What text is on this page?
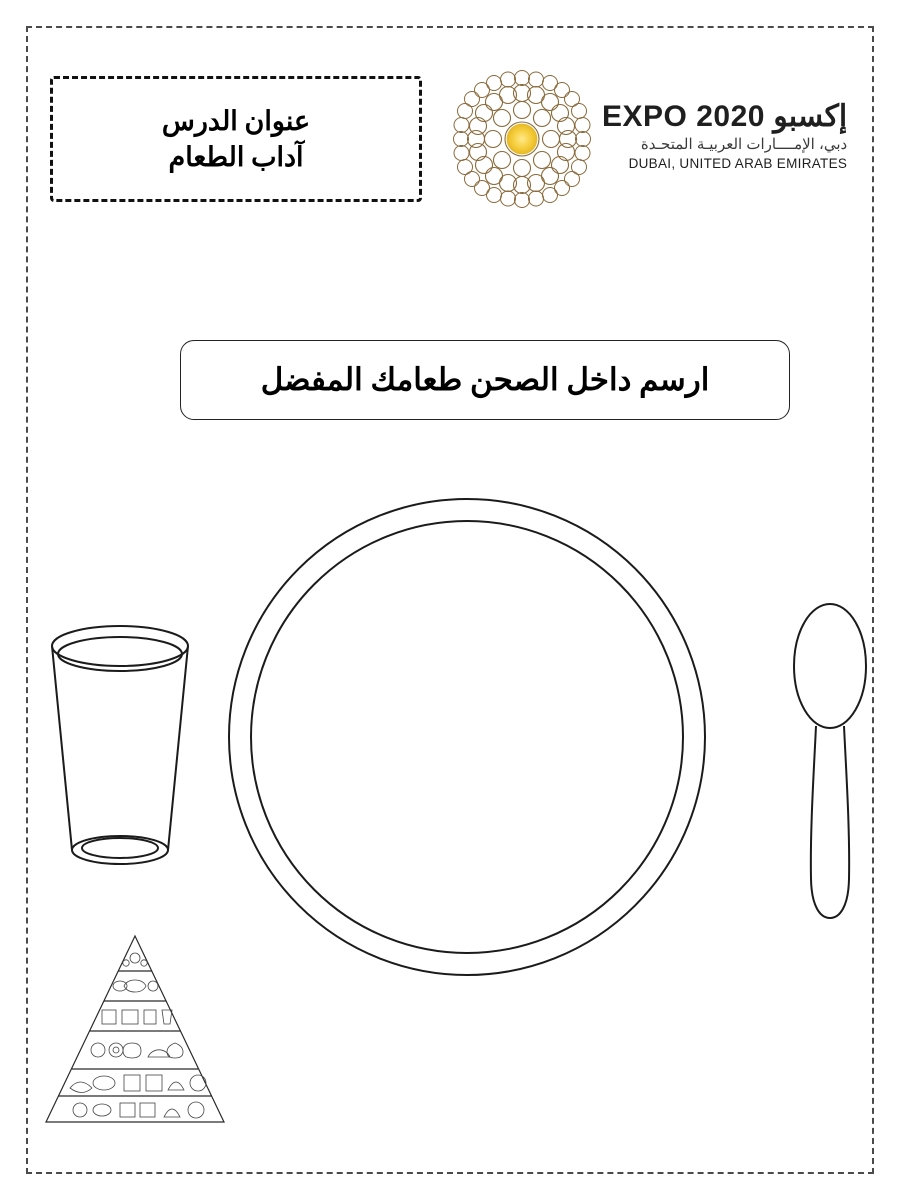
إكسبو EXPO 2020
دبي، الإمــــارات العربيـة المتحـدة
DUBAI, UNITED ARAB EMIRATES
عنوان الدرس
آداب الطعام
ارسم داخل الصحن طعامك المفضل
